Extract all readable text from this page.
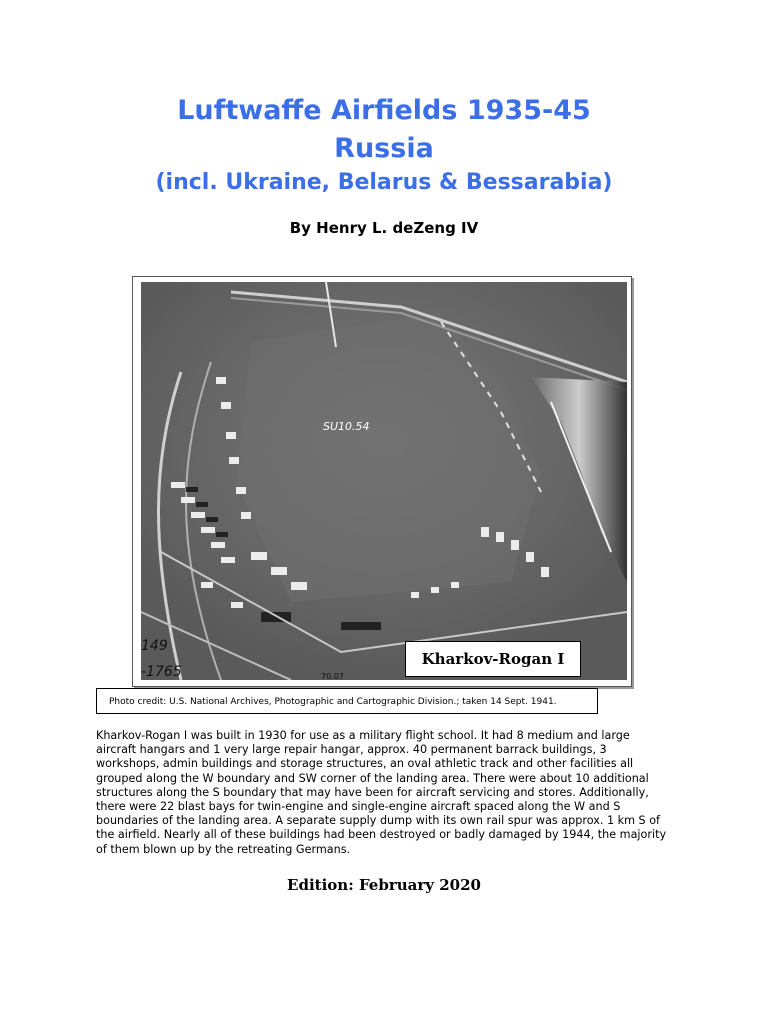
Luftwaffe Airfields 1935-45
Russia
(incl. Ukraine, Belarus & Bessarabia)
By Henry L. deZeng IV
SU10.54
149
-1765	70.07
Kharkov-Rogan I
Photo credit: U.S. National Archives, Photographic and Cartographic Division.; taken 14 Sept. 1941.

Kharkov-Rogan I was built in 1930 for use as a military flight school. It had 8 medium and large aircraft hangars and 1 very large repair hangar, approx. 40 permanent barrack buildings, 3 workshops, admin buildings and storage structures, an oval athletic track and other facilities all grouped along the W boundary and SW corner of the landing area. There were about 10 additional structures along the S boundary that may have been for aircraft servicing and stores. Additionally, there were 22 blast bays for twin-engine and single-engine aircraft spaced along the W and S boundaries of the landing area. A separate supply dump with its own rail spur was approx. 1 km S of the airfield. Nearly all of these buildings had been destroyed or badly damaged by 1944, the majority of them blown up by the retreating Germans.

Edition: February 2020
